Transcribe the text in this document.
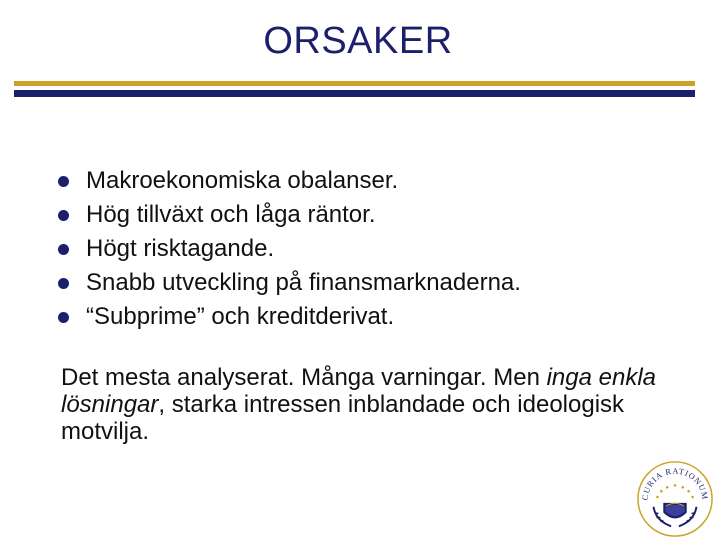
ORSAKER
Makroekonomiska obalanser.
Hög tillväxt och låga räntor.
Högt risktagande.
Snabb utveckling på finansmarknaderna.
“Subprime” och kreditderivat.

Det mesta analyserat. Många varningar. Men inga enkla lösningar, starka intressen inblandade och ideologisk motvilja.

CURIA RATIONUM
